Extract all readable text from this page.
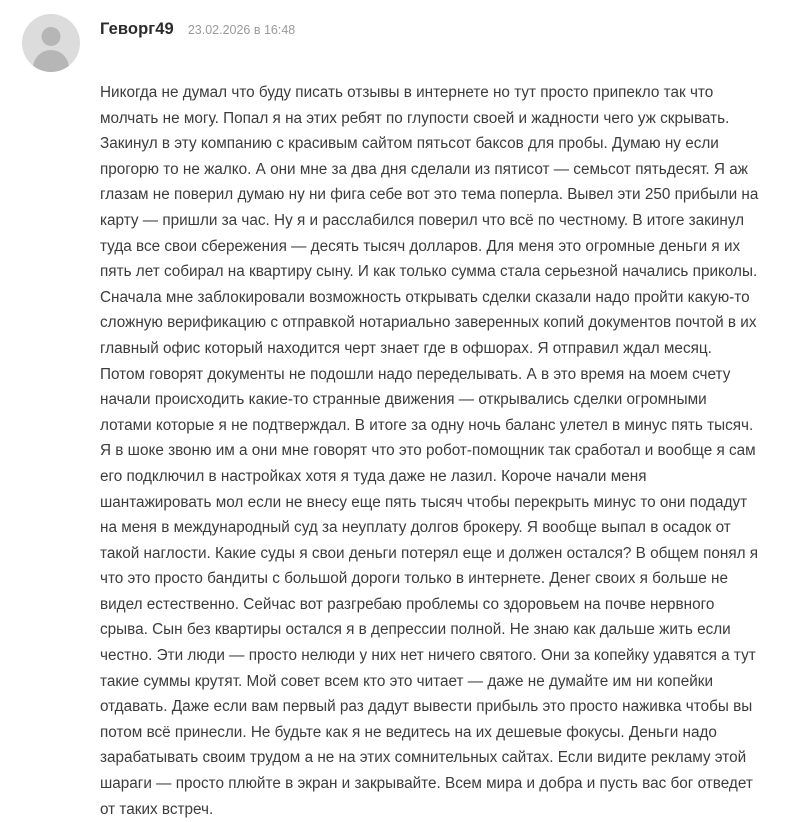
Геворг49	23.02.2026 в 16:48

Никогда не думал что буду писать отзывы в интернете но тут просто припекло так что молчать не могу. Попал я на этих ребят по глупости своей и жадности чего уж скрывать. Закинул в эту компанию с красивым сайтом пятьсот баксов для пробы. Думаю ну если прогорю то не жалко. А они мне за два дня сделали из пятисот — семьсот пятьдесят. Я аж глазам не поверил думаю ну ни фига себе вот это тема поперла. Вывел эти 250 прибыли на карту — пришли за час. Ну я и расслабился поверил что всё по честному. В итоге закинул туда все свои сбережения — десять тысяч долларов. Для меня это огромные деньги я их пять лет собирал на квартиру сыну. И как только сумма стала серьезной начались приколы. Сначала мне заблокировали возможность открывать сделки сказали надо пройти какую-то сложную верификацию с отправкой нотариально заверенных копий документов почтой в их главный офис который находится черт знает где в офшорах. Я отправил ждал месяц. Потом говорят документы не подошли надо переделывать. А в это время на моем счету начали происходить какие-то странные движения — открывались сделки огромными лотами которые я не подтверждал. В итоге за одну ночь баланс улетел в минус пять тысяч. Я в шоке звоню им а они мне говорят что это робот-помощник так сработал и вообще я сам его подключил в настройках хотя я туда даже не лазил. Короче начали меня шантажировать мол если не внесу еще пять тысяч чтобы перекрыть минус то они подадут на меня в международный суд за неуплату долгов брокеру. Я вообще выпал в осадок от такой наглости. Какие суды я свои деньги потерял еще и должен остался? В общем понял я что это просто бандиты с большой дороги только в интернете. Денег своих я больше не видел естественно. Сейчас вот разгребаю проблемы со здоровьем на почве нервного срыва. Сын без квартиры остался я в депрессии полной. Не знаю как дальше жить если честно. Эти люди — просто нелюди у них нет ничего святого. Они за копейку удавятся а тут такие суммы крутят. Мой совет всем кто это читает — даже не думайте им ни копейки отдавать. Даже если вам первый раз дадут вывести прибыль это просто наживка чтобы вы потом всё принесли. Не будьте как я не ведитесь на их дешевые фокусы. Деньги надо зарабатывать своим трудом а не на этих сомнительных сайтах. Если видите рекламу этой шараги — просто плюйте в экран и закрывайте. Всем мира и добра и пусть вас бог отведет от таких встреч.
